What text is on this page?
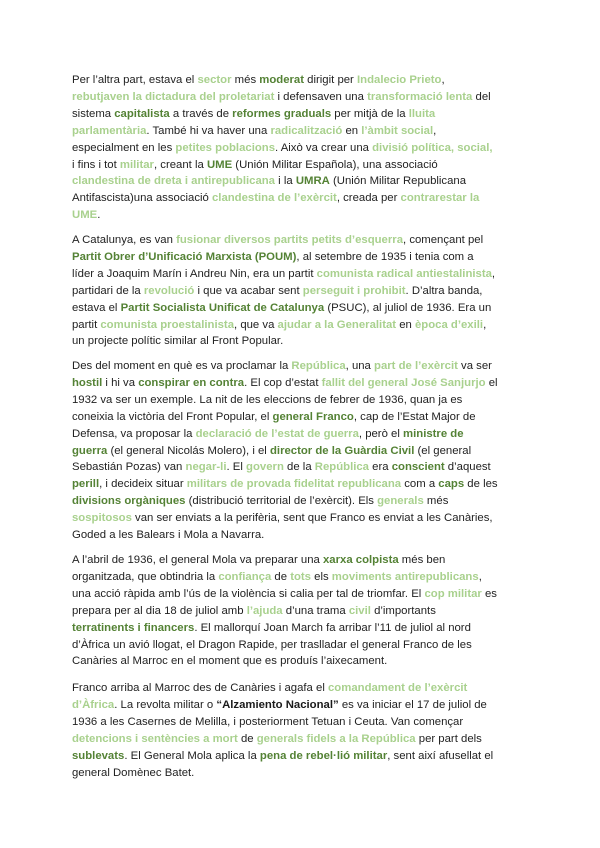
Per l’altra part, estava el sector més moderat dirigit per Indalecio Prieto,
rebutjaven la dictadura del proletariat i defensaven una transformació lenta del
sistema capitalista a través de reformes graduals per mitjà de la lluita
parlamentària. També hi va haver una radicalització en l’àmbit social,
especialment en les petites poblacions. Això va crear una divisió política, social,
i fins i tot militar, creant la UME (Unión Militar Española), una associació
clandestina de dreta i antirepublicana i la UMRA (Unión Militar Republicana
Antifascista)una associació clandestina de l’exèrcit, creada per contrarestar la
UME.
A Catalunya, es van fusionar diversos partits petits d’esquerra, començant pel
Partit Obrer d’Unificació Marxista (POUM), al setembre de 1935 i tenia com a
líder a Joaquim Marín i Andreu Nin, era un partit comunista radical antiestalinista,
partidari de la revolució i que va acabar sent perseguit i prohibit. D’altra banda,
estava el Partit Socialista Unificat de Catalunya (PSUC), al juliol de 1936. Era un
partit comunista proestalinista, que va ajudar a la Generalitat en època d’exili,
un projecte polític similar al Front Popular.
Des del moment en què es va proclamar la República, una part de l’exèrcit va ser
hostil i hi va conspirar en contra. El cop d’estat fallit del general José Sanjurjo el
1932 va ser un exemple. La nit de les eleccions de febrer de 1936, quan ja es
coneixia la victòria del Front Popular, el general Franco, cap de l’Estat Major de
Defensa, va proposar la declaració de l’estat de guerra, però el ministre de
guerra (el general Nicolás Molero), i el director de la Guàrdia Civil (el general
Sebastián Pozas) van negar-li. El govern de la República era conscient d’aquest
perill, i decideix situar militars de provada fidelitat republicana com a caps de les
divisions orgàniques (distribució territorial de l’exèrcit). Els generals més
sospitosos van ser enviats a la perifèria, sent que Franco es enviat a les Canàries,
Goded a les Balears i Mola a Navarra.
A l’abril de 1936, el general Mola va preparar una xarxa colpista més ben
organitzada, que obtindria la confiança de tots els moviments antirepublicans,
una acció ràpida amb l’ús de la violència si calia per tal de triomfar. El cop militar es
prepara per al dia 18 de juliol amb l’ajuda d’una trama civil d’importants
terratinents i financers. El mallorquí Joan March fa arribar l’11 de juliol al nord
d’Àfrica un avió llogat, el Dragon Rapide, per traslladar el general Franco de les
Canàries al Marroc en el moment que es produís l’aixecament.
Franco arriba al Marroc des de Canàries i agafa el comandament de l’exèrcit
d’Àfrica. La revolta militar o “Alzamiento Nacional” es va iniciar el 17 de juliol de
1936 a les Casernes de Melilla, i posteriorment Tetuan i Ceuta. Van començar
detencions i sentències a mort de generals fidels a la República per part dels
sublevats. El General Mola aplica la pena de rebel·lió militar, sent així afusellat el
general Domènec Batet.
